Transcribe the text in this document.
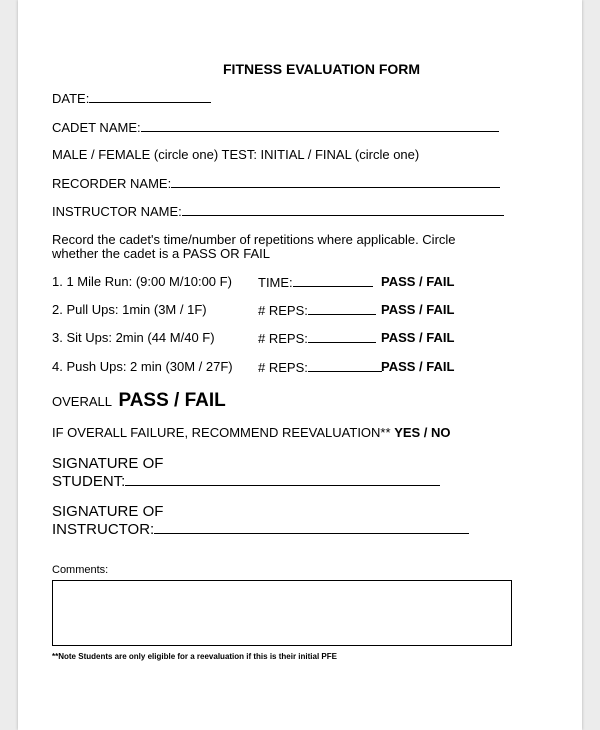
FITNESS EVALUATION FORM
DATE:
CADET NAME:
MALE / FEMALE (circle one) TEST: INITIAL / FINAL (circle one)
RECORDER NAME:
INSTRUCTOR NAME:
Record the cadet's time/number of repetitions where applicable. Circle
whether the cadet is a PASS OR FAIL
1. 1 Mile Run: (9:00 M/10:00 F) TIME:	PASS / FAIL
2. Pull Ups: 1min (3M / 1F)	# REPS:	PASS / FAIL
3. Sit Ups: 2min (44 M/40 F)	# REPS:	PASS / FAIL
4. Push Ups: 2 min (30M / 27F) # REPS:	PASS / FAIL
OVERALL PASS / FAIL
IF OVERALL FAILURE, RECOMMEND REEVALUATION** YES / NO
SIGNATURE OF
STUDENT:
SIGNATURE OF
INSTRUCTOR:
Comments:
**Note Students are only eligible for a reevaluation if this is their initial PFE
